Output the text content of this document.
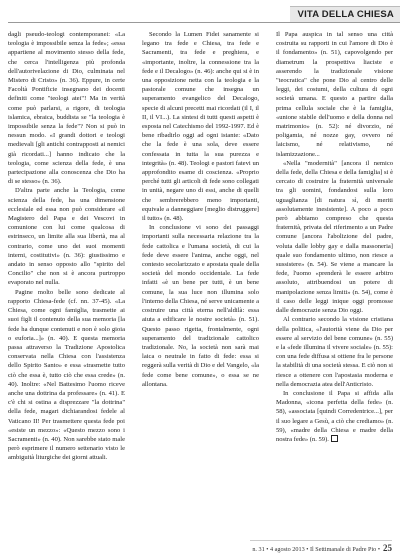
VITA DELLA CHIESA

dagli pseudo-teologi contemporanei: «La teologia è impossibile senza la fede»; «essa appartiene al movimento stesso della fede, che cerca l'intelligenza più profonda dell'autorivelazione di Dio, culminata nel Mistero di Cristo» (n. 36). Eppure, in certe Facoltà Pontificie insegnano dei docenti definiti come "teologi atei"! Ma in verità come può parlarsi, a rigore, di teologia islamica, ebraica, buddista se "la teologia è impossibile senza la fede"? Non si può in nessun modo. «I grandi dottori e teologi medievali [gli antichi contrapposti ai nemici già ricordati...] hanno indicato che la teologia, come scienza della fede, è una partecipazione alla conoscenza che Dio ha di se stesso» (n. 36).

D'altra parte anche la Teologia, come scienza della fede, ha una dimensione ecclesiale ed essa non può considerare «il Magistero del Papa e dei Vescovi in comunione con lui come qualcosa di estrinseco, un limite alla sua libertà, ma al contrario, come uno dei suoi momenti interni, costitutivi» (n. 36): giustissimo e andato in senso opposto allo "spirito del Concilio" che non si è ancora purtroppo evaporato nel nulla.

Pagine molto belle sono dedicate al rapporto Chiesa-fede (cf. nn. 37-45). «La Chiesa, come ogni famiglia, trasmette ai suoi figli il contenuto della sua memoria [la fede ha dunque contenuti e non è solo gioia o euforia...]» (n. 40). E questa memoria passa attraverso la Tradizione Apostolica conservata nella Chiesa con l'assistenza dello Spirito Santo» e essa «trasmette tutto ciò che essa è, tutto ciò che essa crede» (n. 40). Inoltre: «Nel Battesimo l'uomo riceve anche una dottrina da professare» (n. 41). E c'è chi si ostina a disprezzare "la dottrina" della fede, magari dichiarandosi fedele al Vaticano II! Per trasmettere questa fede poi «esiste un mezzo»: «Questo mezzo sono i Sacramenti» (n. 40). Non sarebbe stato male però esprimere il numero settenario visto le ambiguità liturgiche dei giorni attuali.

Secondo la Lumen Fidei sanamente si legano tra fede e Chiesa, tra fede e Sacramenti, tra fede e preghiera, e «importante, inoltre, la connessione tra la fede e il Decalogo» (n. 46): anche qui si è in una opposizione netta con la teologia e la pastorale comune che insegna un superamento evangelico del Decalogo, specie di alcuni precetti mai ricordati (il I, il II, il VI...). La sintesi di tutti questi aspetti è esposta nel Catechismo del 1992-1997. Ed è bene ribadirlo oggi ad ogni istante: «Dato che la fede è una sola, deve essere confessata in tutta la sua purezza e integrità» (n. 48). Teologi e pastori fatevi un approfondito esame di coscienza. «Proprio perché tutti gli articoli di fede sono collegati in unità, negare uno di essi, anche di quelli che sembrerebbero meno importanti, equivale a danneggiare [meglio distruggere] il tutto» (n. 48).

In conclusione vi sono dei passaggi importanti sulla necessaria relazione tra la fede cattolica e l'umana società, di cui la fede deve essere l'anima, anche oggi, nel contesto secolarizzato e apostata quale della società del mondo occidentale. La fede infatti «è un bene per tutti, è un bene comune, la sua luce non illumina solo l'interno della Chiesa, né serve unicamente a costruire una città eterna nell'aldilà: essa aiuta a edificare le nostre società» (n. 51). Questo passo rigetta, frontalmente, ogni superamento del tradizionale cattolico tradizionale. No, la società non sarà mai laica o neutrale in fatto di fede: essa si reggerà sulla verità di Dio e del Vangelo, «la fede come bene comune», o essa se ne allontana.

Il Papa auspica in tal senso una città costruita su rapporti in cui l'amore di Dio è il fondamento» (n. 51), capovolgendo per diametrum la prospettiva liaciste e asserendo la tradizionale visione "teocratica" che pone Dio al centro delle leggi, dei costumi, della cultura di ogni società umana. E questo a partire dalla prima cellula sociale che è la famiglia, «unione stabile dell'uomo e della donna nel matrimonio» (n. 52): né divorzio, né poligamia, né nozze gay, ovvero né laicismo, né relativismo, né islamizzazione...

«Nella "modernità" [ancora il nemico della fede, della Chiesa e della famiglia] si è cercato di costruire la fraternità universale tra gli uomini, fondandosi sulla loro uguaglianza [di natura sì, di meriti assolutamente inesistente]. A poco a poco però abbiamo compreso che questa fraternità, privata del riferimento a un Padre comune [ancora l'abolizione del padre, voluta dalle lobby gay e dalla massoneria] quale suo fondamento ultimo, non riesce a sussistere» (n. 54). Se viene a mancare la fede, l'uomo «prenderà le essere arbitro assoluto, attribuendosi un potere di manipolazione senza limiti» (n. 54), come è il caso delle leggi inique oggi promosse dalle democrazie senza Dio oggi.

Al contrario secondo la visione cristiana della politica, «l'autorità viene da Dio per essere al servizio del bene comune» (n. 55) e la «fede illumina il vivere sociale» (n. 55): con una fede diffusa si ottiene fra le persone la stabilità di una società stessa. E ciò non si riesce a ottenere con l'apostasia moderna e nella democrazia atea dell'Anticristo.

In conclusione il Papa si affida alla Madonna, «icona perfetta della fede» (n. 58), «associata [quindi Corredentrice...], per il suo legare a Gesù, a ciò che crediamo» (n. 59), «madre della Chiesa e madre della nostra fede» (n. 59).

n. 31 • 4 agosto 2013 • Il Settimanale di Padre Pio • 25
